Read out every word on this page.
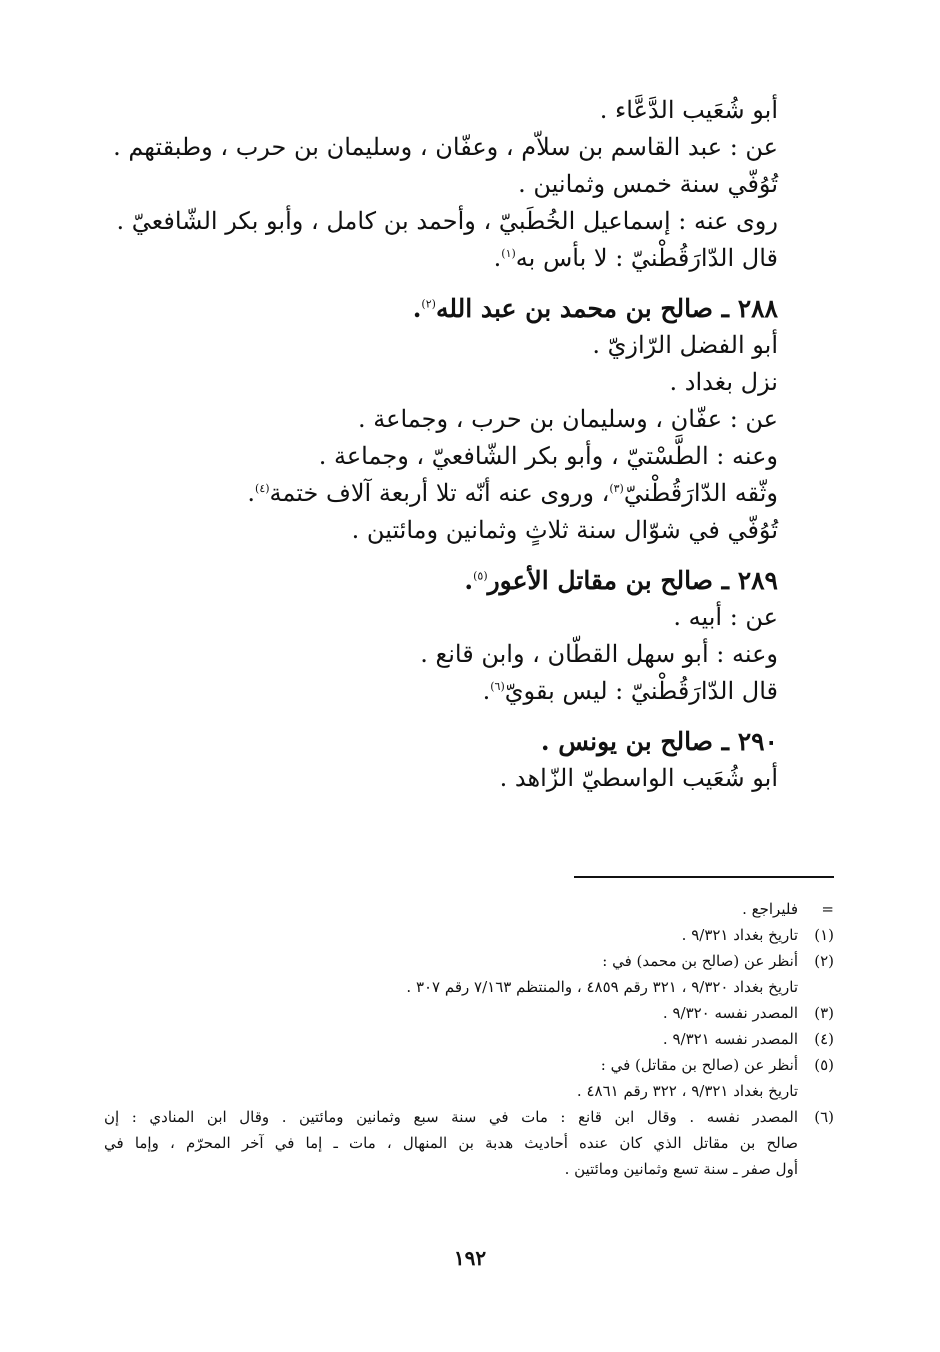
أبو شُعَيب الدَّعَّاء .
عن : عبد القاسم بن سلاّم ، وعفّان ، وسليمان بن حرب ، وطبقتهم .
تُوُفّي سنة خمس وثمانين .
روى عنه : إسماعيل الخُطَبيّ ، وأحمد بن كامل ، وأبو بكر الشّافعيّ .
قال الدّارَقُطْنيّ : لا بأس به$^{(١)}$.
٢٨٨ ـ صالح بن محمد بن عبد الله$^{(٢)}$.
أبو الفضل الرّازيّ .
نزل بغداد .
عن : عفّان ، وسليمان بن حرب ، وجماعة .
وعنه : الطَّسْتيّ ، وأبو بكر الشّافعيّ ، وجماعة .
وثّقه الدّارَقُطْنيّ$^{(٣)}$، وروى عنه أنّه تلا أربعة آلاف ختمة$^{(٤)}$.
تُوُفّي في شوّال سنة ثلاثٍ وثمانين ومائتين .
٢٨٩ ـ صالح بن مقاتل الأعور$^{(٥)}$.
عن : أبيه .
وعنه : أبو سهل القطّان ، وابن قانع .
قال الدّارَقُطْنيّ : ليس بقويّ$^{(٦)}$.
٢٩٠ ـ صالح بن يونس .
أبو شُعَيب الواسطيّ الزّاهد .
=
فليراجع .
(١)
تاريخ بغداد ٩/٣٢١ .
(٢)
أنظر عن (صالح بن محمد) في :
تاريخ بغداد ٩/٣٢٠ ، ٣٢١ رقم ٤٨٥٩ ، والمنتظم ٧/١٦٣ رقم ٣٠٧ .
(٣)
المصدر نفسه ٩/٣٢٠ .
(٤)
المصدر نفسه ٩/٣٢١ .
(٥)
أنظر عن (صالح بن مقاتل) في :
تاريخ بغداد ٩/٣٢١ ، ٣٢٢ رقم ٤٨٦١ .
(٦)
المصدر نفسه . وقال ابن قانع : مات في سنة سبع وثمانين ومائتين . وقال ابن المنادي : إن
صالح بن مقاتل الذي كان عنده أحاديث هدبة بن المنهال ، مات ـ إما في آخر المحرّم ، وإما في
أول صفر ـ سنة تسع وثمانين ومائتين .
١٩٢
